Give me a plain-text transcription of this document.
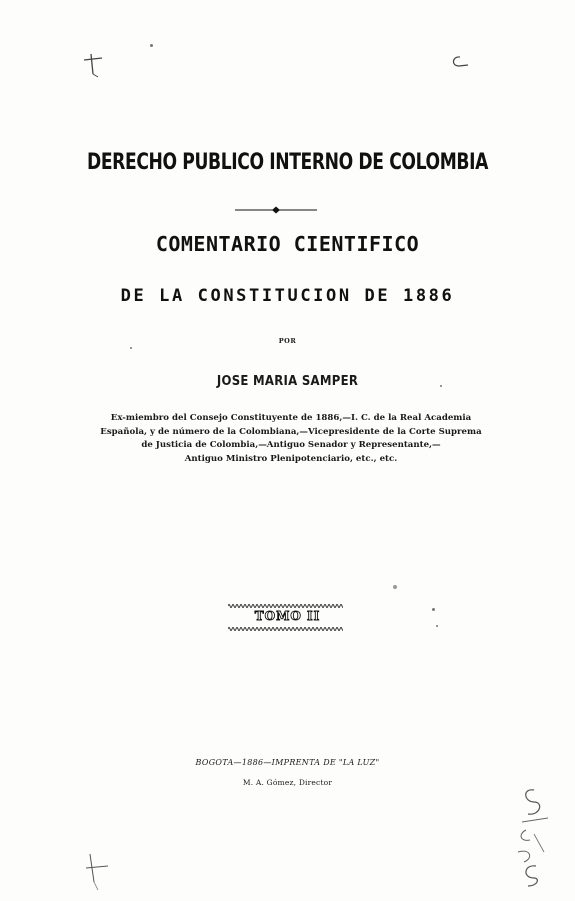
DERECHO PUBLICO INTERNO DE COLOMBIA
COMENTARIO CIENTIFICO
DE LA CONSTITUCION DE 1886
POR
JOSE MARIA SAMPER
Ex-miembro del Consejo Constituyente de 1886,—I. C. de la Real Academia
Española, y de número de la Colombiana,—Vicepresidente de la Corte Suprema
de Justicia de Colombia,—Antiguo Senador y Representante,—
Antiguo Ministro Plenipotenciario, etc., etc.
TOMO II
BOGOTA—1886—IMPRENTA DE "LA LUZ"
M. A. Gómez, Director
